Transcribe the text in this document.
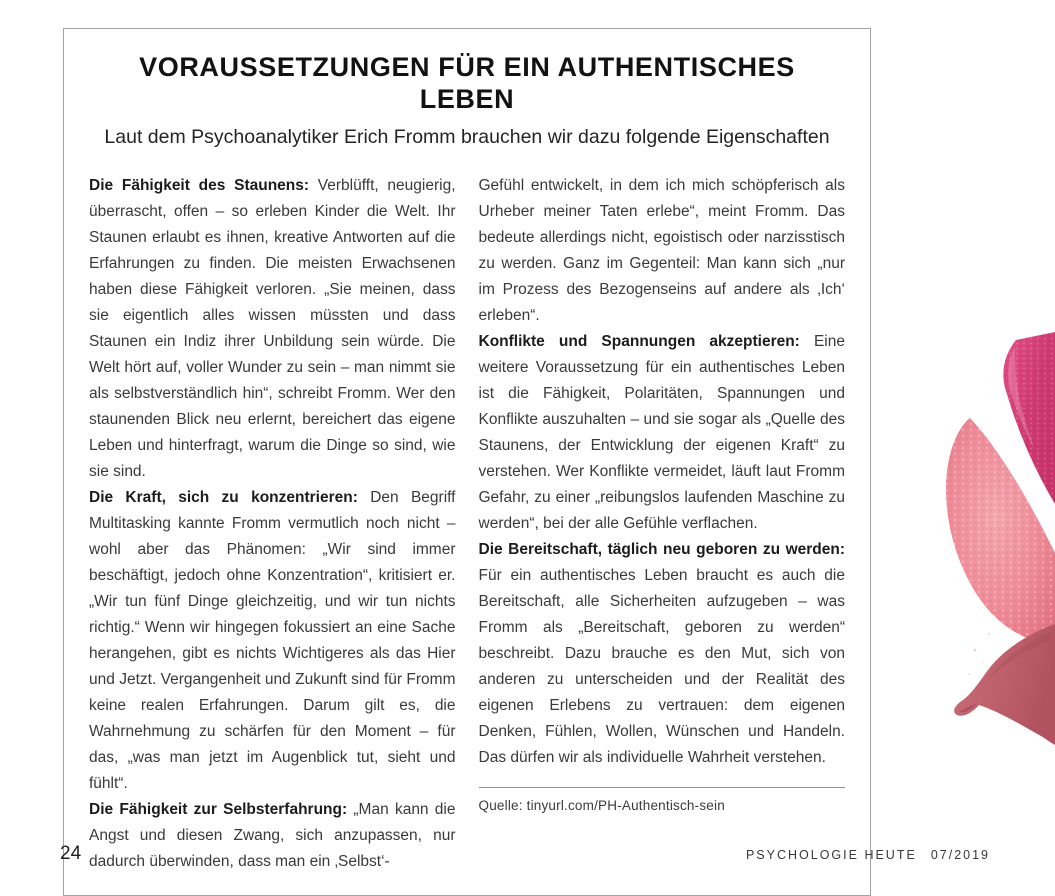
VORAUSSETZUNGEN FÜR EIN AUTHENTISCHES LEBEN

Laut dem Psychoanalytiker Erich Fromm brauchen wir dazu folgende Eigenschaften

Die Fähigkeit des Staunens: Verblüfft, neugierig, überrascht, offen – so erleben Kinder die Welt. Ihr Staunen erlaubt es ihnen, kreative Antworten auf die Erfahrungen zu finden. Die meisten Erwachsenen haben diese Fähigkeit verloren. „Sie meinen, dass sie eigentlich alles wissen müssten und dass Staunen ein Indiz ihrer Unbildung sein würde. Die Welt hört auf, voller Wunder zu sein – man nimmt sie als selbstverständlich hin“, schreibt Fromm. Wer den staunenden Blick neu erlernt, bereichert das eigene Leben und hinterfragt, warum die Dinge so sind, wie sie sind.

Die Kraft, sich zu konzentrieren: Den Begriff Multitasking kannte Fromm vermutlich noch nicht – wohl aber das Phänomen: „Wir sind immer beschäftigt, jedoch ohne Konzentration“, kritisiert er. „Wir tun fünf Dinge gleichzeitig, und wir tun nichts richtig.“ Wenn wir hingegen fokussiert an eine Sache herangehen, gibt es nichts Wichtigeres als das Hier und Jetzt. Vergangenheit und Zukunft sind für Fromm keine realen Erfahrungen. Darum gilt es, die Wahrnehmung zu schärfen für den Moment – für das, „was man jetzt im Augenblick tut, sieht und fühlt“.

Die Fähigkeit zur Selbsterfahrung: „Man kann die Angst und diesen Zwang, sich anzupassen, nur dadurch überwinden, dass man ein ‚Selbst‘-

Gefühl entwickelt, in dem ich mich schöpferisch als Urheber meiner Taten erlebe“, meint Fromm. Das bedeute allerdings nicht, egoistisch oder narzisstisch zu werden. Ganz im Gegenteil: Man kann sich „nur im Prozess des Bezogenseins auf andere als ‚Ich‘ erleben“.

Konflikte und Spannungen akzeptieren: Eine weitere Voraussetzung für ein authentisches Leben ist die Fähigkeit, Polaritäten, Spannungen und Konflikte auszuhalten – und sie sogar als „Quelle des Staunens, der Entwicklung der eigenen Kraft“ zu verstehen. Wer Konflikte vermeidet, läuft laut Fromm Gefahr, zu einer „reibungslos laufenden Maschine zu werden“, bei der alle Gefühle verflachen.

Die Bereitschaft, täglich neu geboren zu werden: Für ein authentisches Leben braucht es auch die Bereitschaft, alle Sicherheiten aufzugeben – was Fromm als „Bereitschaft, geboren zu werden“ beschreibt. Dazu brauche es den Mut, sich von anderen zu unterscheiden und der Realität des eigenen Erlebens zu vertrauen: dem eigenen Denken, Fühlen, Wollen, Wünschen und Handeln. Das dürfen wir als individuelle Wahrheit verstehen.

Quelle: tinyurl.com/PH-Authentisch-sein

24	PSYCHOLOGIE HEUTE 07/2019
